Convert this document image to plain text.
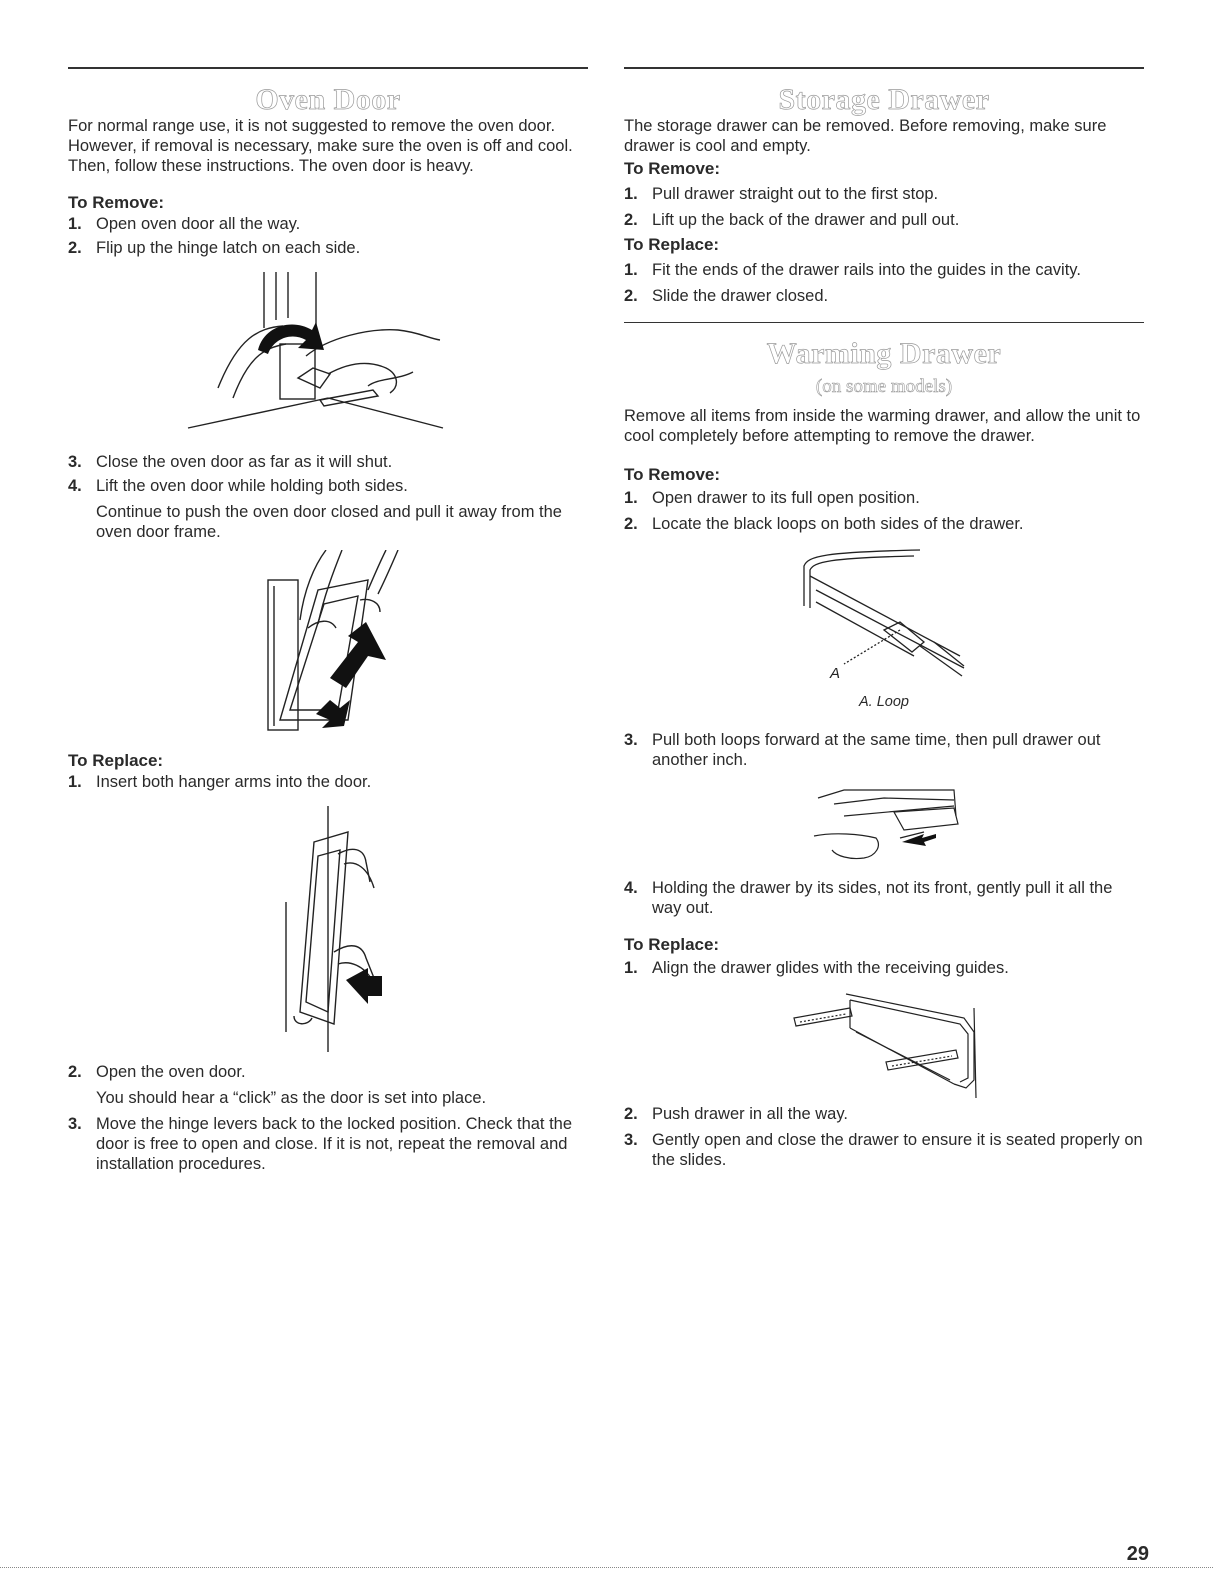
Oven Door

For normal range use, it is not suggested to remove the oven door. However, if removal is necessary, make sure the oven is off and cool. Then, follow these instructions. The oven door is heavy.

To Remove:

1. Open oven door all the way.
2. Flip up the hinge latch on each side.
3. Close the oven door as far as it will shut.
4. Lift the oven door while holding both sides.

Continue to push the oven door closed and pull it away from the oven door frame.

1

To Replace:

1. Insert both hanger arms into the door.
2. Open the oven door.

You should hear a “click” as the door is set into place.

3. Move the hinge levers back to the locked position. Check that the door is free to open and close. If it is not, repeat the removal and installation procedures.
Storage Drawer

The storage drawer can be removed. Before removing, make sure drawer is cool and empty.

To Remove:

1. Pull drawer straight out to the first stop.
2. Lift up the back of the drawer and pull out.

To Replace:

1. Fit the ends of the drawer rails into the guides in the cavity.
2. Slide the drawer closed.
Warming Drawer

(on some models)

Remove all items from inside the warming drawer, and allow the unit to cool completely before attempting to remove the drawer.

To Remove:

1. Open drawer to its full open position.
2. Locate the black loops on both sides of the drawer.
A

A. Loop

3. Pull both loops forward at the same time, then pull drawer out another inch.
4. Holding the drawer by its sides, not its front, gently pull it all the way out.

To Replace:

1. Align the drawer glides with the receiving guides.
2. Push drawer in all the way.
3. Gently open and close the drawer to ensure it is seated properly on the slides.
29
